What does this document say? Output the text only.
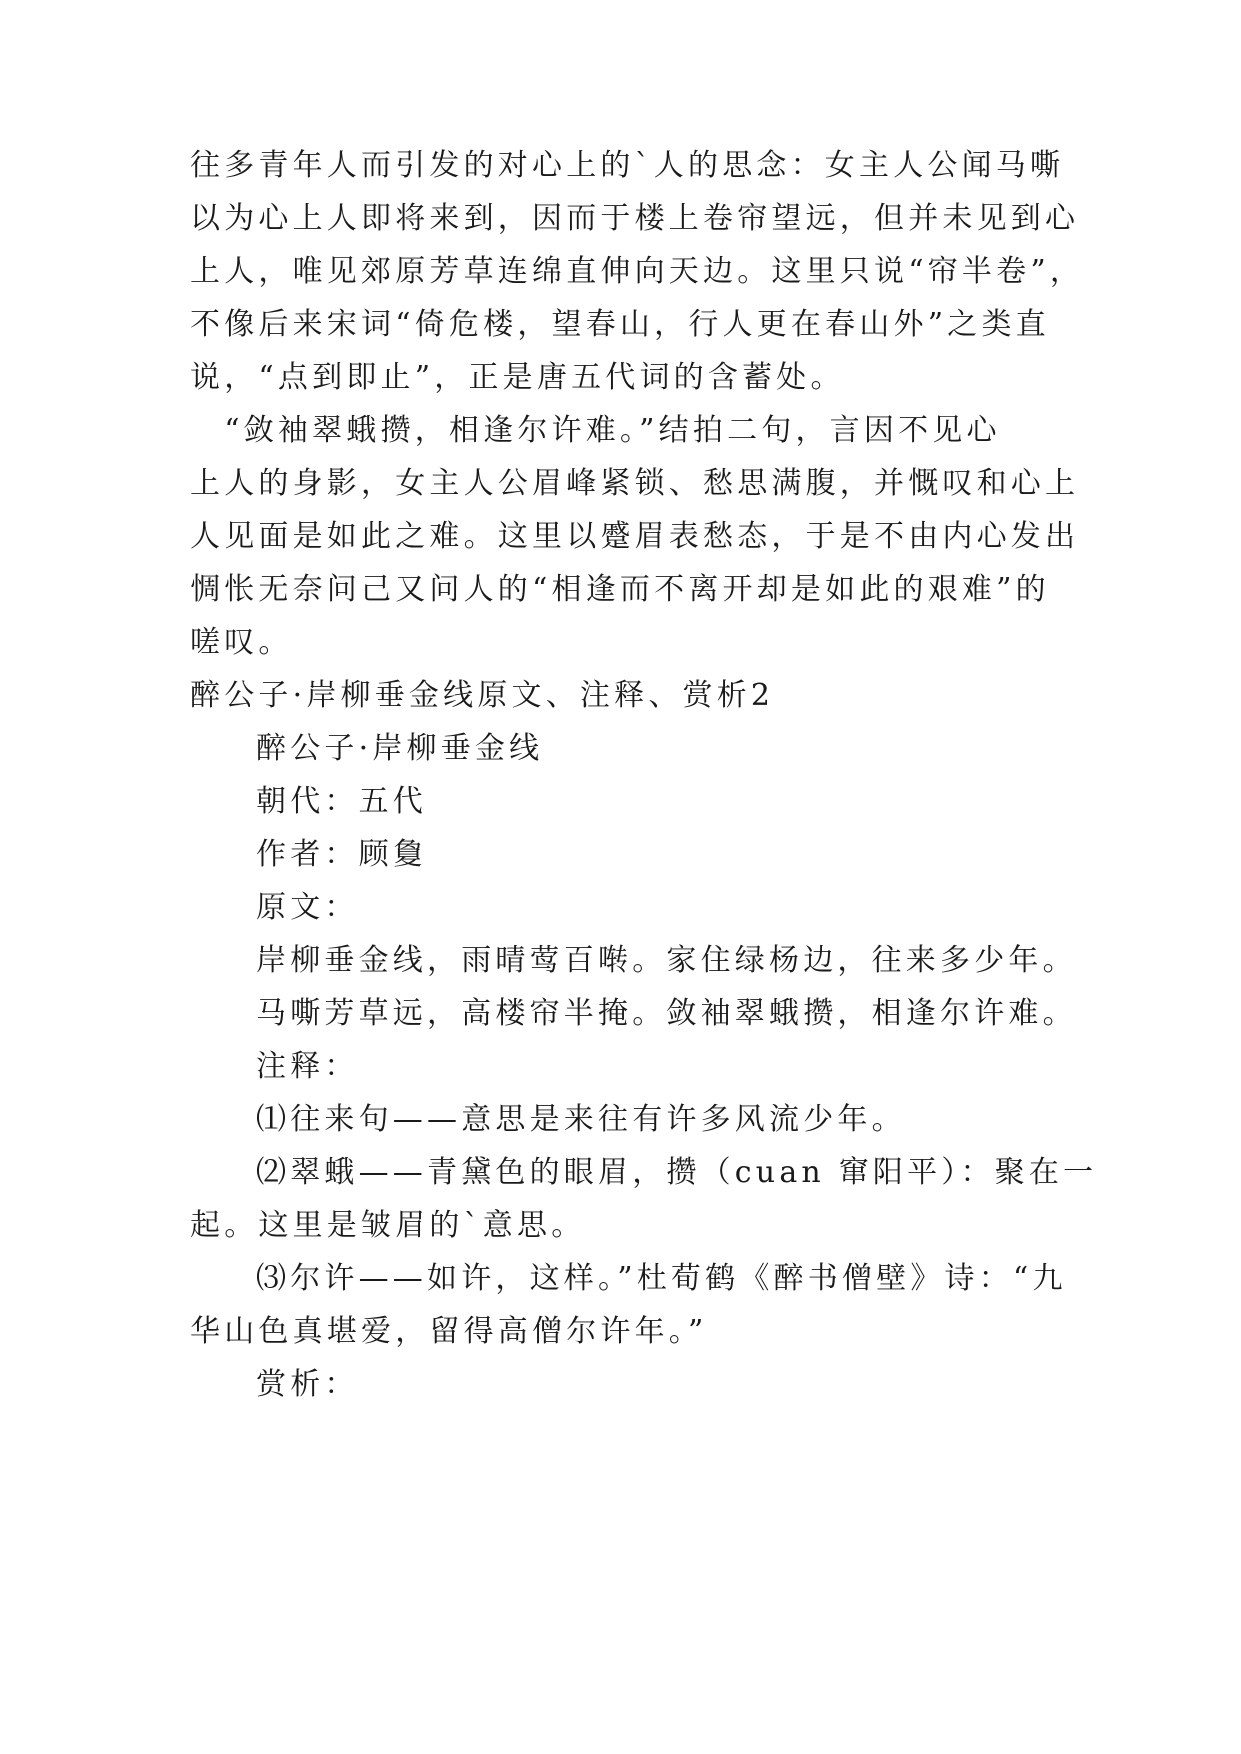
往多青年人而引发的对心上的`人的思念：女主人公闻马嘶
以为心上人即将来到，因而于楼上卷帘望远，但并未见到心
上人，唯见郊原芳草连绵直伸向天边。这里只说“帘半卷”，
不像后来宋词“倚危楼，望春山，行人更在春山外”之类直
说，“点到即止”，正是唐五代词的含蓄处。
　“敛袖翠蛾攒，相逢尔许难。”结拍二句，言因不见心
上人的身影，女主人公眉峰紧锁、愁思满腹，并慨叹和心上
人见面是如此之难。这里以蹙眉表愁态，于是不由内心发出
惆怅无奈问己又问人的“相逢而不离开却是如此的艰难”的
嗟叹。
醉公子·岸柳垂金线原文、注释、赏析2
醉公子·岸柳垂金线
朝代：五代
作者：顾敻
原文：
岸柳垂金线，雨晴莺百啭。家住绿杨边，往来多少年。
马嘶芳草远，高楼帘半掩。敛袖翠蛾攒，相逢尔许难。
注释：
⑴往来句——意思是来往有许多风流少年。
⑵翠蛾——青黛色的眼眉，攒（cuan 窜阳平）：聚在一
起。这里是皱眉的`意思。
⑶尔许——如许，这样。”杜荀鹤《醉书僧壁》诗：“九
华山色真堪爱，留得高僧尔许年。”
赏析：
